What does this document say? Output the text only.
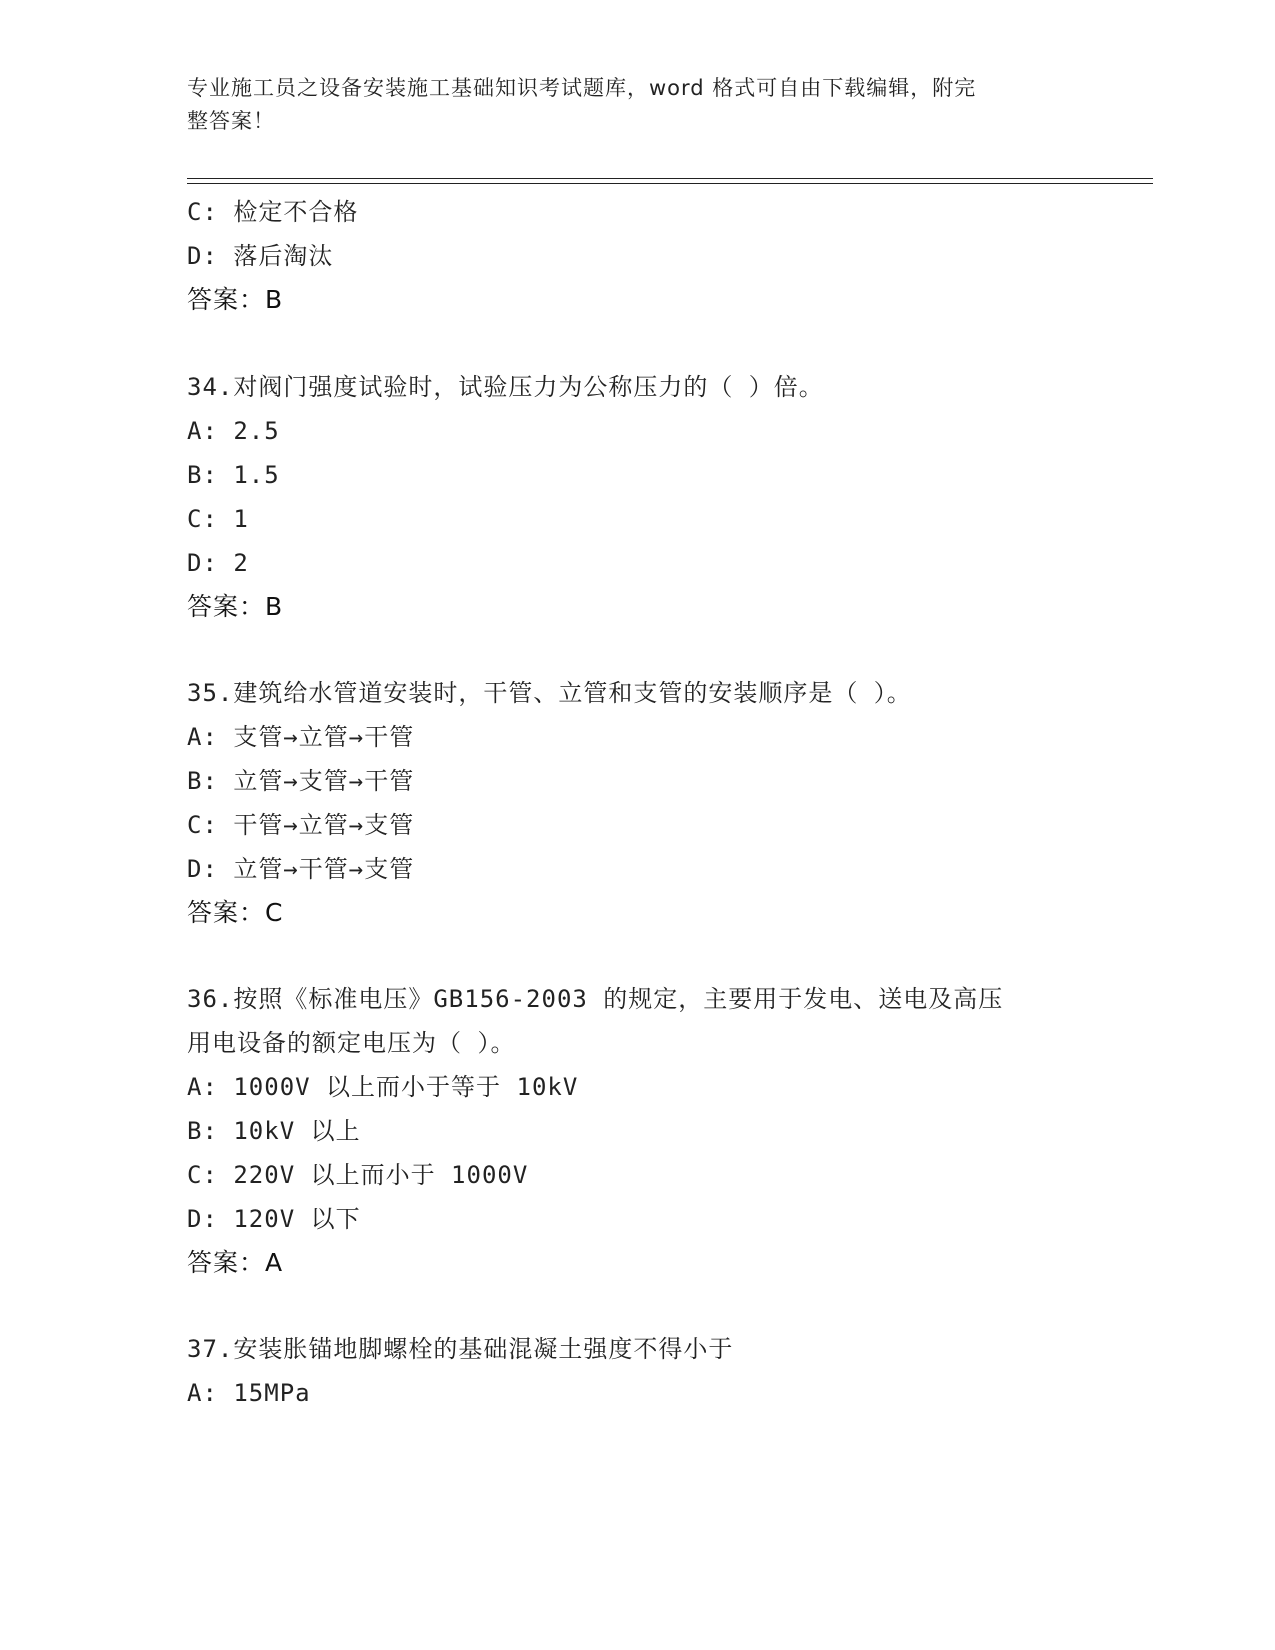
专业施工员之设备安装施工基础知识考试题库，word 格式可自由下载编辑，附完
整答案！
C: 检定不合格
D: 落后淘汰
答案：B
34.对阀门强度试验时，试验压力为公称压力的（ ）倍。
A: 2.5
B: 1.5
C: 1
D: 2
答案：B
35.建筑给水管道安装时，干管、立管和支管的安装顺序是（ ）。
A: 支管→立管→干管
B: 立管→支管→干管
C: 干管→立管→支管
D: 立管→干管→支管
答案：C
36.按照《标准电压》GB156-2003 的规定，主要用于发电、送电及高压
用电设备的额定电压为（ ）。
A: 1000V 以上而小于等于 10kV
B: 10kV 以上
C: 220V 以上而小于 1000V
D: 120V 以下
答案：A
37.安装胀锚地脚螺栓的基础混凝土强度不得小于
A: 15MPa
